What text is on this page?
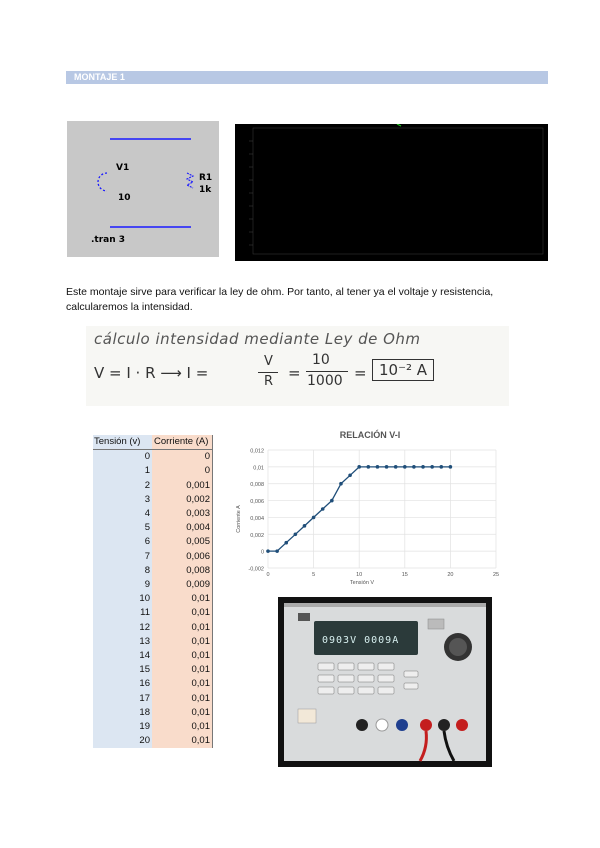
MONTAJE 1
V1
10
R1
1k
.tran 3
Este montaje sirve para verificar la ley de ohm. Por tanto, al tener ya el voltaje y resistencia, calcularemos la intensidad.
cálculo intensidad mediante Ley de Ohm
V = I · R ⟶ I =
V
R =
10
1000 = 10⁻² A
Tensión (v)	Corriente (A)
0	0
1	0
2	0,001
3	0,002
4	0,003
5	0,004
6	0,005
7	0,006
8	0,008
9	0,009
10	0,01
11	0,01
12	0,01
13	0,01
14	0,01
15	0,01
16	0,01
17	0,01
18	0,01
19	0,01
20	0,01
RELACIÓN V-I
-0,002
0
0,002
0,004
0,006
0,008
0,01
0,012
0	5	10	15	20	25
Tensión V
Corriente A
0903V 0009A
